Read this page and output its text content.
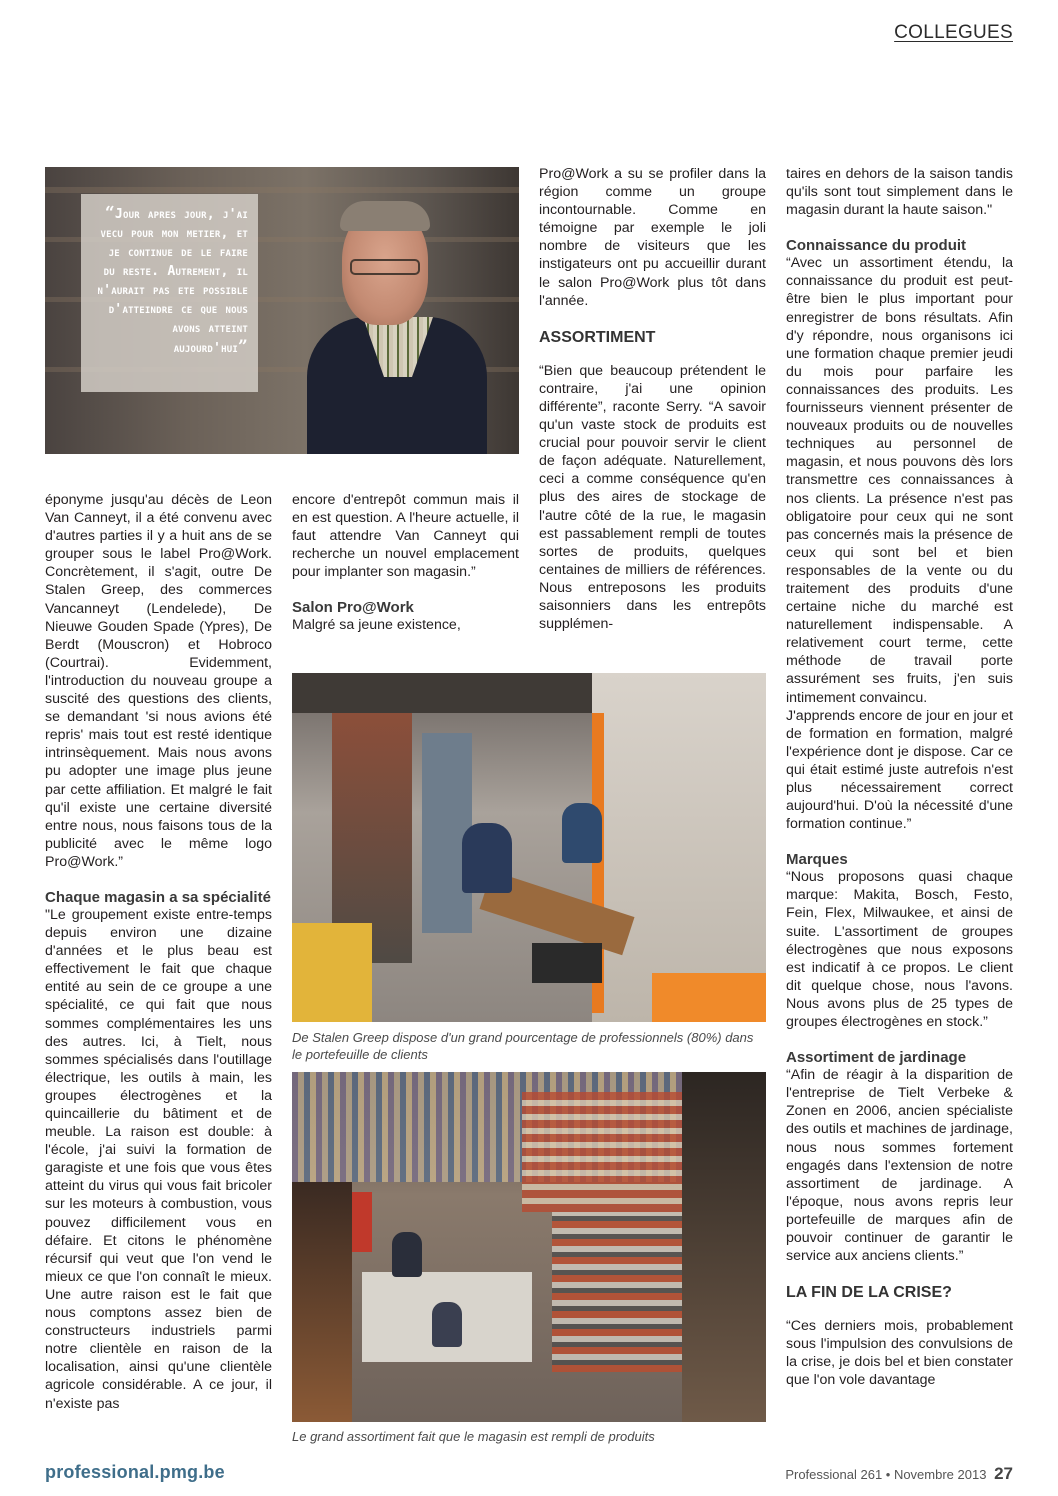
COLLEGUES
“Jour apres jour, j'ai vecu pour mon metier, et je continue de le faire du reste. Autrement, il n'aurait pas ete possible d'atteindre ce que nous avons atteint aujourd'hui”

éponyme jusqu'au décès de Leon Van Canneyt, il a été convenu avec d'autres parties il y a huit ans de se grouper sous le label Pro@Work. Concrètement, il s'agit, outre De Stalen Greep, des commerces Vancanneyt (Lendelede), De Nieuwe Gouden Spade (Ypres), De Berdt (Mouscron) et Hobroco (Courtrai). Evidemment, l'introduction du nouveau groupe a suscité des questions des clients, se demandant 'si nous avions été repris' mais tout est resté identique intrinsèquement. Mais nous avons pu adopter une image plus jeune par cette affiliation. Et malgré le fait qu'il existe une certaine diversité entre nous, nous faisons tous de la publicité avec le même logo Pro@Work.”

Chaque magasin a sa spécialité

"Le groupement existe entre-temps depuis environ une dizaine d'années et le plus beau est effectivement le fait que chaque entité au sein de ce groupe a une spécialité, ce qui fait que nous sommes complémentaires les uns des autres. Ici, à Tielt, nous sommes spécialisés dans l'outillage électrique, les outils à main, les groupes électrogènes et la quincaillerie du bâtiment et de meuble. La raison est double: à l'école, j'ai suivi la formation de garagiste et une fois que vous êtes atteint du virus qui vous fait bricoler sur les moteurs à combustion, vous pouvez difficilement vous en défaire. Et citons le phénomène récursif qui veut que l'on vend le mieux ce que l'on connaît le mieux. Une autre raison est le fait que nous comptons assez bien de constructeurs industriels parmi notre clientèle en raison de la localisation, ainsi qu'une clientèle agricole considérable. A ce jour, il n'existe pas

encore d'entrepôt commun mais il en est question. A l'heure actuelle, il faut attendre Van Canneyt qui recherche un nouvel emplacement pour implanter son magasin.”

Salon Pro@Work

Malgré sa jeune existence,

Pro@Work a su se profiler dans la région comme un groupe incontournable. Comme en témoigne par exemple le joli nombre de visiteurs que les instigateurs ont pu accueillir durant le salon Pro@Work plus tôt dans l'année.

ASSORTIMENT

“Bien que beaucoup prétendent le contraire, j'ai une opinion différente”, raconte Serry. “A savoir qu'un vaste stock de produits est crucial pour pouvoir servir le client de façon adéquate. Naturellement, ceci a comme conséquence qu'en plus des aires de stockage de l'autre côté de la rue, le magasin est passablement rempli de toutes sortes de produits, quelques centaines de milliers de références. Nous entreposons les produits saisonniers dans les entrepôts supplémen-

taires en dehors de la saison tandis qu'ils sont tout simplement dans le magasin durant la haute saison."

Connaissance du produit

“Avec un assortiment étendu, la connaissance du produit est peut-être bien le plus important pour enregistrer de bons résultats. Afin d'y répondre, nous organisons ici une formation chaque premier jeudi du mois pour parfaire les connaissances des produits. Les fournisseurs viennent présenter de nouveaux produits ou de nouvelles techniques au personnel de magasin, et nous pouvons dès lors transmettre ces connaissances à nos clients. La présence n'est pas obligatoire pour ceux qui ne sont pas concernés mais la présence de ceux qui sont bel et bien responsables de la vente ou du traitement des produits d'une certaine niche du marché est naturellement indispensable. A relativement court terme, cette méthode de travail porte assurément ses fruits, j'en suis intimement convaincu.

J'apprends encore de jour en jour et de formation en formation, malgré l'expérience dont je dispose. Car ce qui était estimé juste autrefois n'est plus nécessairement correct aujourd'hui. D'où la nécessité d'une formation continue.”

Marques

“Nous proposons quasi chaque marque: Makita, Bosch, Festo, Fein, Flex, Milwaukee, et ainsi de suite. L'assortiment de groupes électrogènes que nous exposons est indicatif à ce propos. Le client dit quelque chose, nous l'avons. Nous avons plus de 25 types de groupes électrogènes en stock.”

Assortiment de jardinage

“Afin de réagir à la disparition de l'entreprise de Tielt Verbeke & Zonen en 2006, ancien spécialiste des outils et machines de jardinage, nous nous sommes fortement engagés dans l'extension de notre assortiment de jardinage. A l'époque, nous avons repris leur portefeuille de marques afin de pouvoir continuer de garantir le service aux anciens clients.”

LA FIN DE LA CRISE?

“Ces derniers mois, probablement sous l'impulsion des convulsions de la crise, je dois bel et bien constater que l'on vole davantage

De Stalen Greep dispose d'un grand pourcentage de professionnels (80%) dans le portefeuille de clients
Le grand assortiment fait que le magasin est rempli de produits
professional.pmg.be	Professional 261 • Novembre 2013 27
